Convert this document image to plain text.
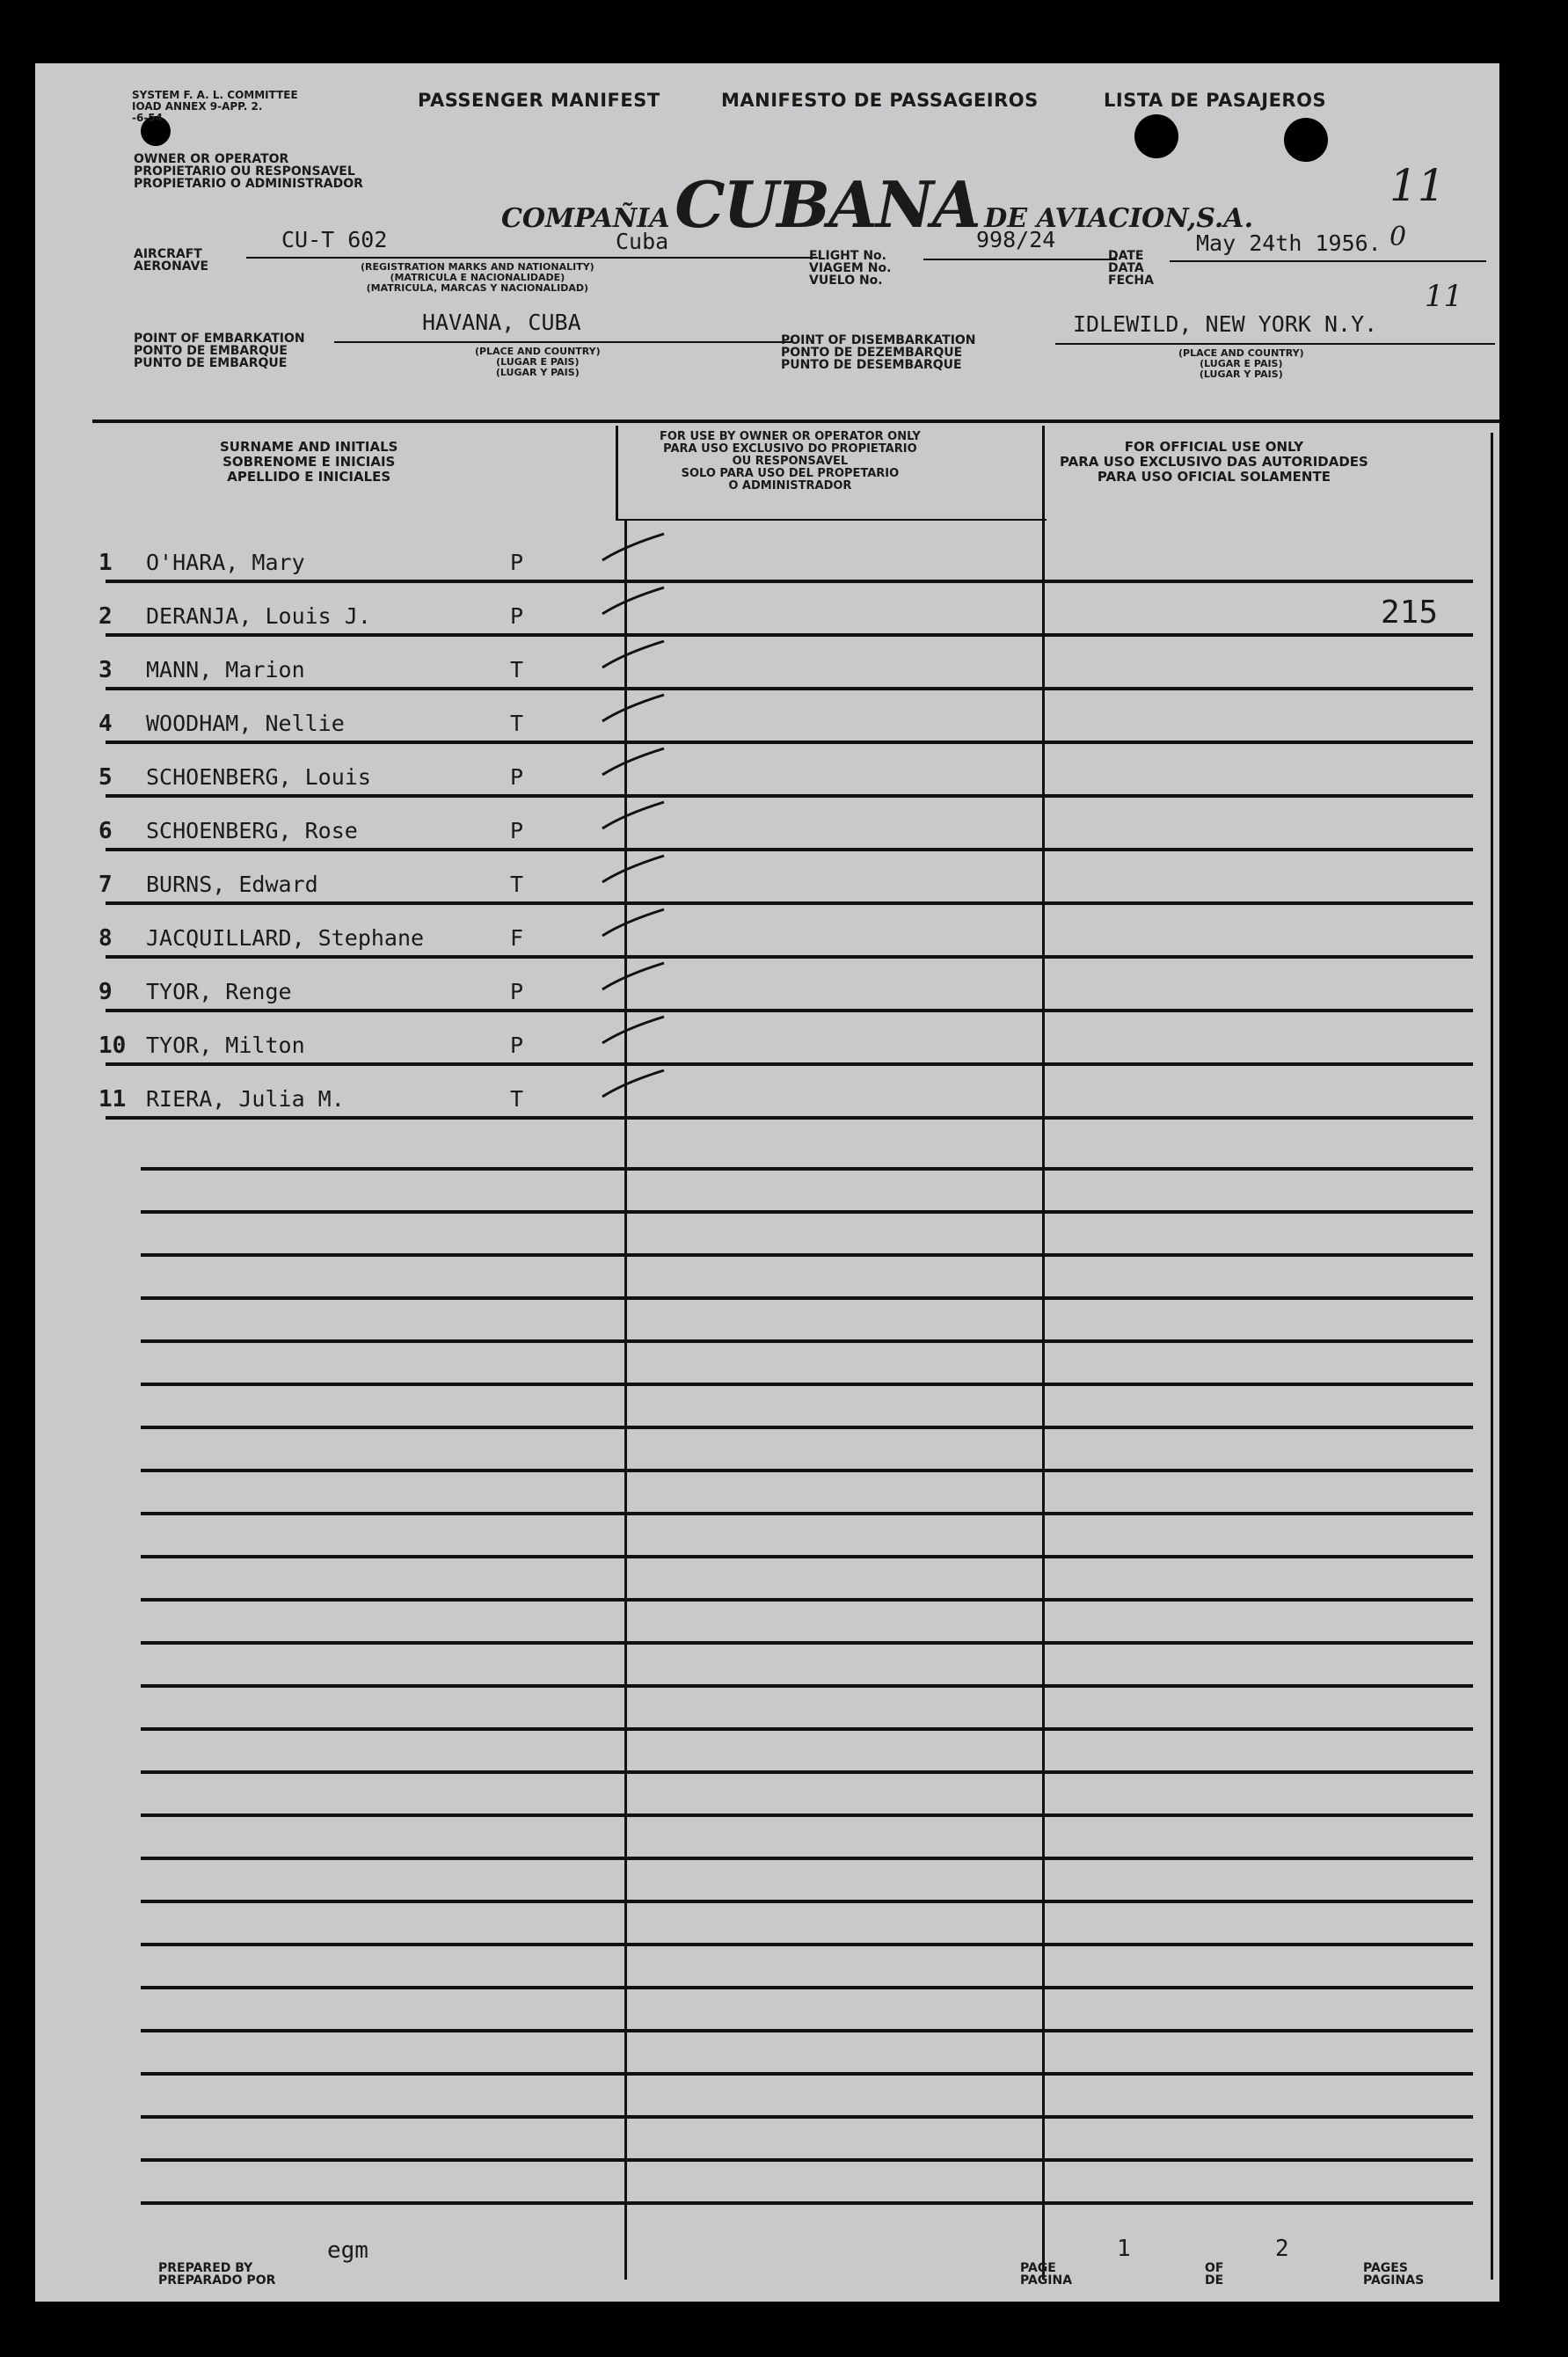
SYSTEM F. A. L. COMMITTEE
IOAD ANNEX 9-APP. 2.
-6-54
PASSENGER MANIFEST	MANIFESTO DE PASSAGEIROS	LISTA DE PASAJEROS
OWNER OR OPERATOR
PROPIETARIO OU RESPONSAVEL
PROPIETARIO O ADMINISTRADOR
COMPAÑIA CUBANA DE AVIACION,S.A.
11
AIRCRAFT
AERONAVE
CU-T 602	Cuba
(REGISTRATION MARKS AND NATIONALITY)
(MATRICULA E NACIONALIDADE)
(MATRICULA, MARCAS Y NACIONALIDAD)
FLIGHT No.
VIAGEM No.
VUELO No.
998/24
DATE
DATA
FECHA
May 24th 1956. 0
11
POINT OF EMBARKATION
PONTO DE EMBARQUE
PUNTO DE EMBARQUE
HAVANA, CUBA
(PLACE AND COUNTRY)
(LUGAR E PAIS)
(LUGAR Y PAIS)
POINT OF DISEMBARKATION
PONTO DE DEZEMBARQUE
PUNTO DE DESEMBARQUE
IDLEWILD, NEW YORK N.Y.
(PLACE AND COUNTRY)
(LUGAR E PAIS)
(LUGAR Y PAIS)
SURNAME AND INITIALS
SOBRENOME E INICIAIS
APELLIDO E INICIALES
FOR USE BY OWNER OR OPERATOR ONLY
PARA USO EXCLUSIVO DO PROPIETARIO
OU RESPONSAVEL
SOLO PARA USO DEL PROPETARIO
O ADMINISTRADOR
FOR OFFICIAL USE ONLY
PARA USO EXCLUSIVO DAS AUTORIDADES
PARA USO OFICIAL SOLAMENTE
1 O'HARA, Mary	P
2 DERANJA, Louis J.	P	215
3 MANN, Marion	T
4 WOODHAM, Nellie	T
5 SCHOENBERG, Louis	P
6 SCHOENBERG, Rose	P
7 BURNS, Edward	T
8 JACQUILLARD, Stephane	F
9 TYOR, Renge	P
10 TYOR, Milton	P
11 RIERA, Julia M.	T
PREPARED BY
PREPARADO POR
egm
PAGE
PAGINA
1
OF
DE
2
PAGES
PAGINAS
